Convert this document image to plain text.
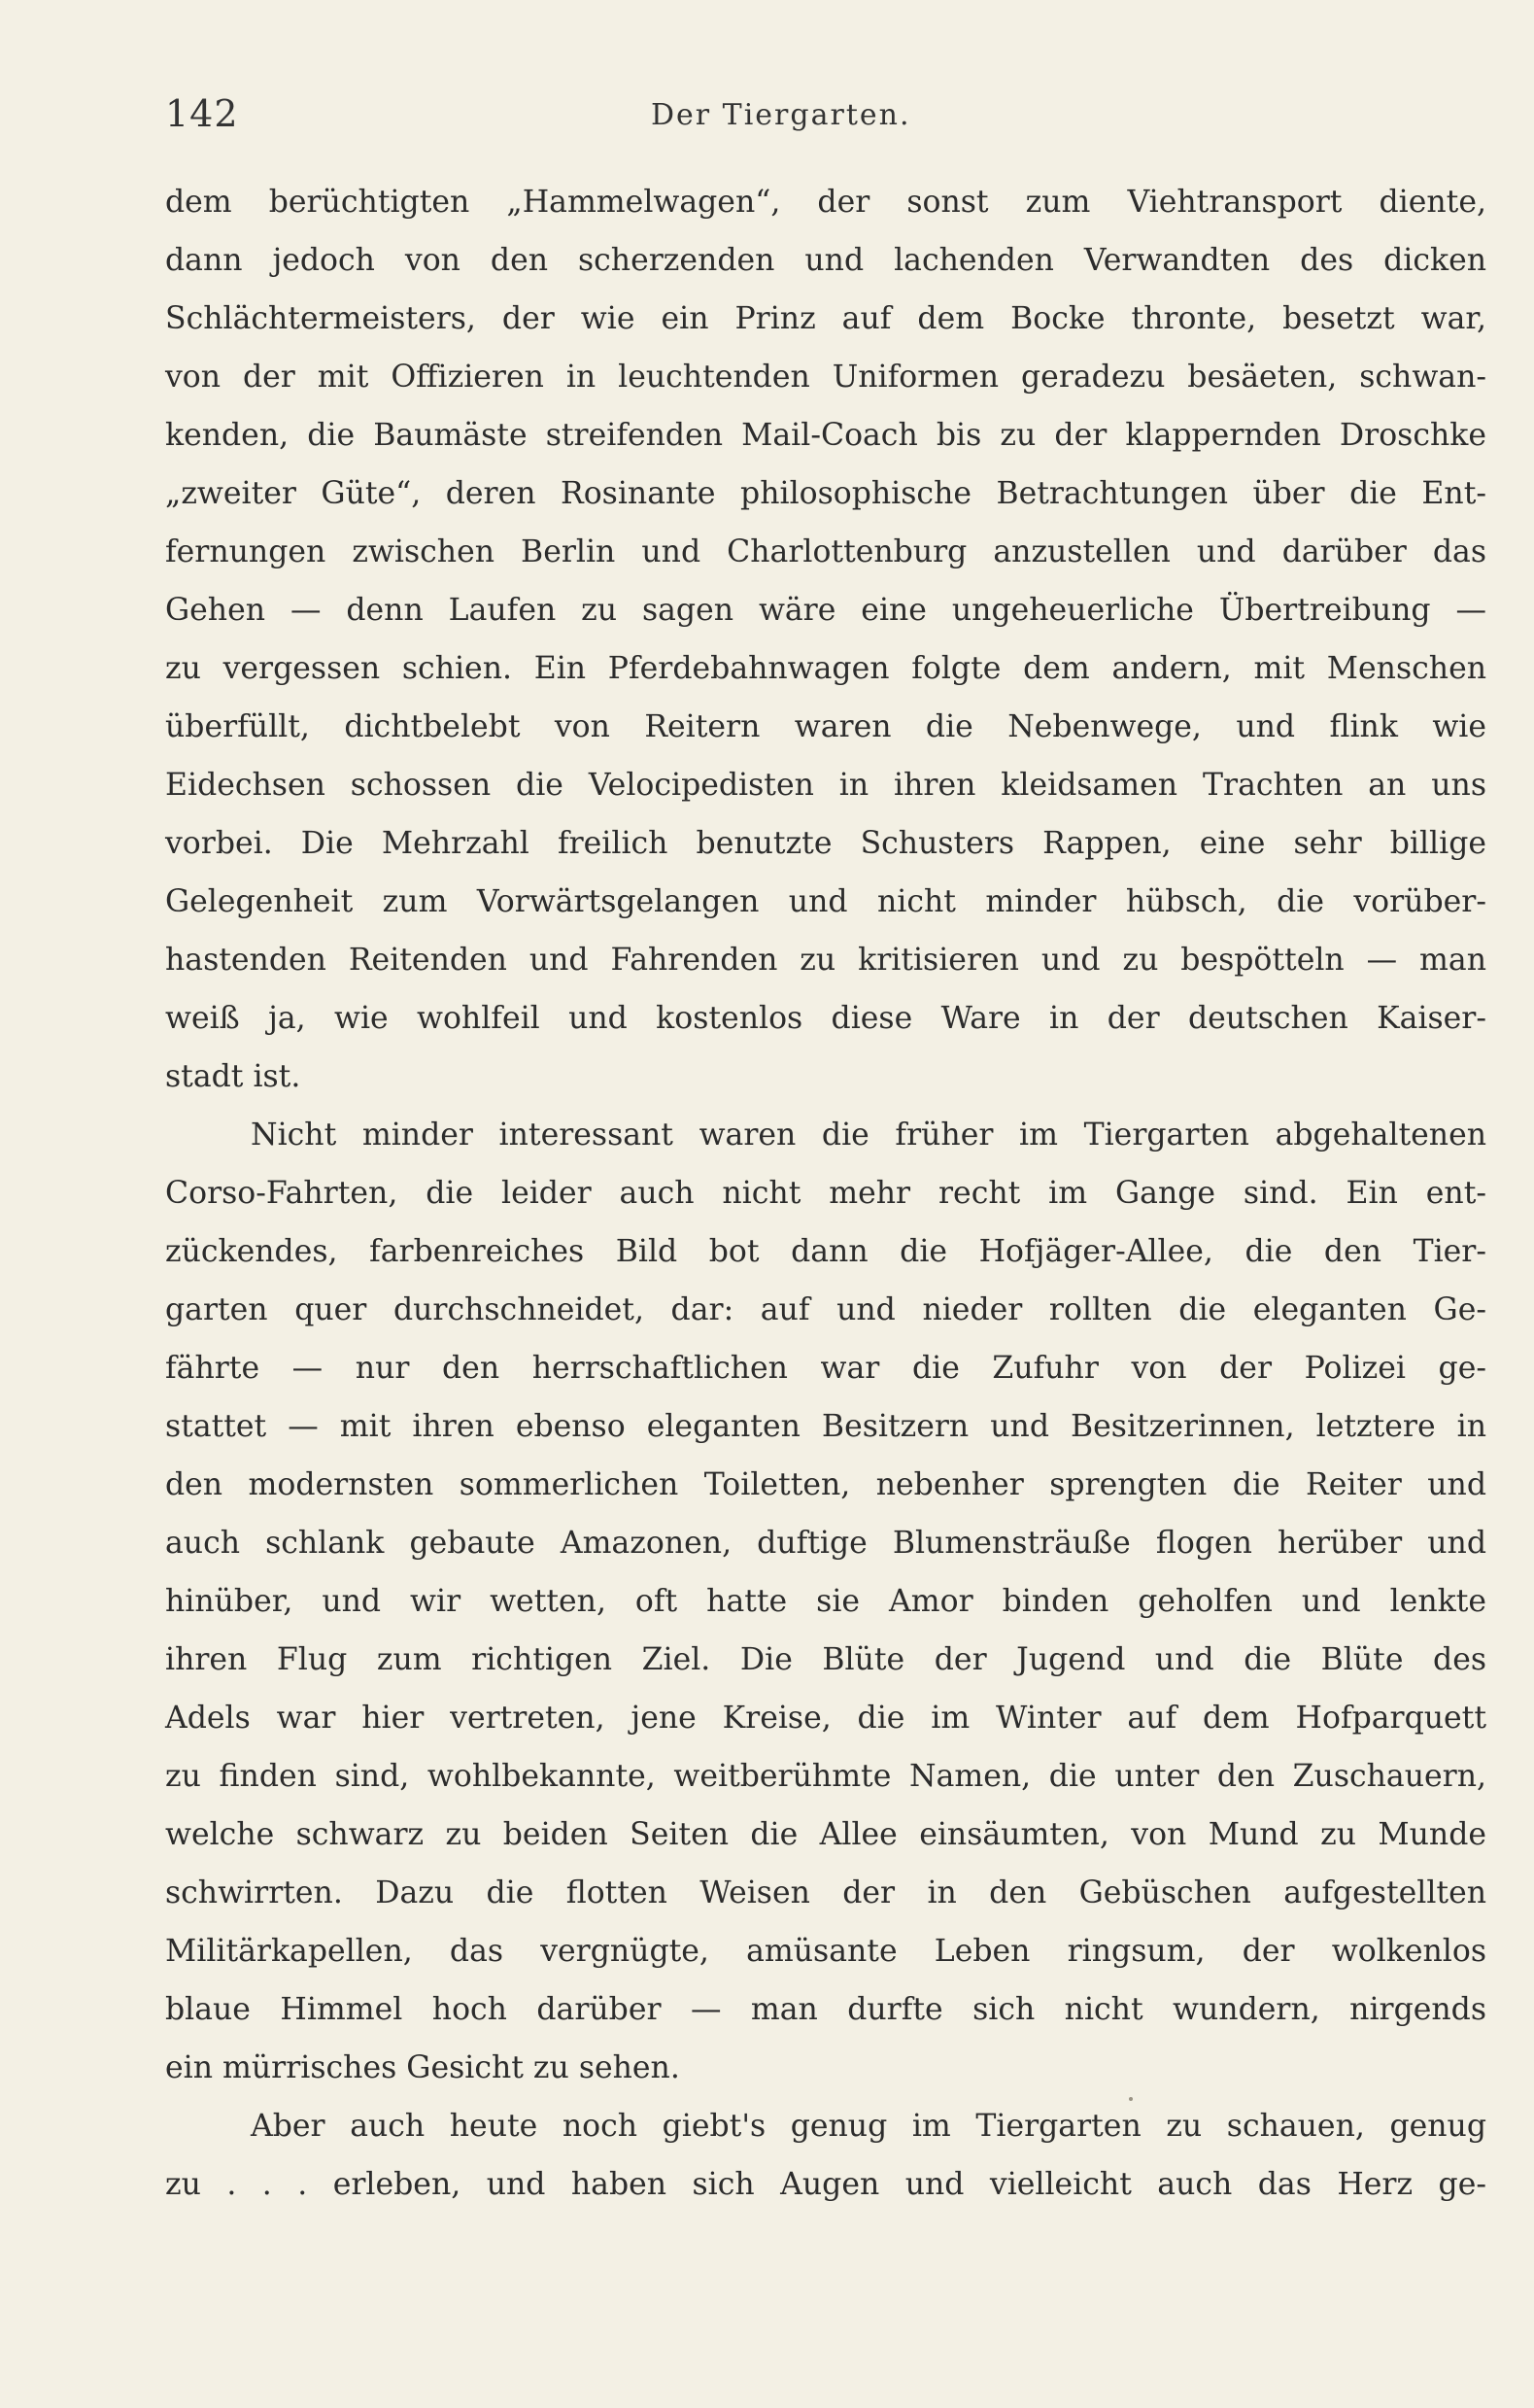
142	Der Tiergarten.

dem berüchtigten „Hammelwagen“, der sonst zum Viehtransport diente,
dann jedoch von den scherzenden und lachenden Verwandten des dicken
Schlächtermeisters, der wie ein Prinz auf dem Bocke thronte, besetzt war,
von der mit Offizieren in leuchtenden Uniformen geradezu besäeten, schwan-
kenden, die Baumäste streifenden Mail-Coach bis zu der klappernden Droschke
„zweiter Güte“, deren Rosinante philosophische Betrachtungen über die Ent-
fernungen zwischen Berlin und Charlottenburg anzustellen und darüber das
Gehen — denn Laufen zu sagen wäre eine ungeheuerliche Übertreibung —
zu vergessen schien. Ein Pferdebahnwagen folgte dem andern, mit Menschen
überfüllt, dichtbelebt von Reitern waren die Nebenwege, und flink wie
Eidechsen schossen die Velocipedisten in ihren kleidsamen Trachten an uns
vorbei. Die Mehrzahl freilich benutzte Schusters Rappen, eine sehr billige
Gelegenheit zum Vorwärtsgelangen und nicht minder hübsch, die vorüber-
hastenden Reitenden und Fahrenden zu kritisieren und zu bespötteln — man
weiß ja, wie wohlfeil und kostenlos diese Ware in der deutschen Kaiser-
stadt ist.

Nicht minder interessant waren die früher im Tiergarten abgehaltenen
Corso-Fahrten, die leider auch nicht mehr recht im Gange sind. Ein ent-
zückendes, farbenreiches Bild bot dann die Hofjäger-Allee, die den Tier-
garten quer durchschneidet, dar: auf und nieder rollten die eleganten Ge-
fährte — nur den herrschaftlichen war die Zufuhr von der Polizei ge-
stattet — mit ihren ebenso eleganten Besitzern und Besitzerinnen, letztere in
den modernsten sommerlichen Toiletten, nebenher sprengten die Reiter und
auch schlank gebaute Amazonen, duftige Blumensträuße flogen herüber und
hinüber, und wir wetten, oft hatte sie Amor binden geholfen und lenkte
ihren Flug zum richtigen Ziel. Die Blüte der Jugend und die Blüte des
Adels war hier vertreten, jene Kreise, die im Winter auf dem Hofparquett
zu finden sind, wohlbekannte, weitberühmte Namen, die unter den Zuschauern,
welche schwarz zu beiden Seiten die Allee einsäumten, von Mund zu Munde
schwirrten. Dazu die flotten Weisen der in den Gebüschen aufgestellten
Militärkapellen, das vergnügte, amüsante Leben ringsum, der wolkenlos
blaue Himmel hoch darüber — man durfte sich nicht wundern, nirgends
ein mürrisches Gesicht zu sehen.

Aber auch heute noch giebt's genug im Tiergarten zu schauen, genug
zu . . . erleben, und haben sich Augen und vielleicht auch das Herz ge-
